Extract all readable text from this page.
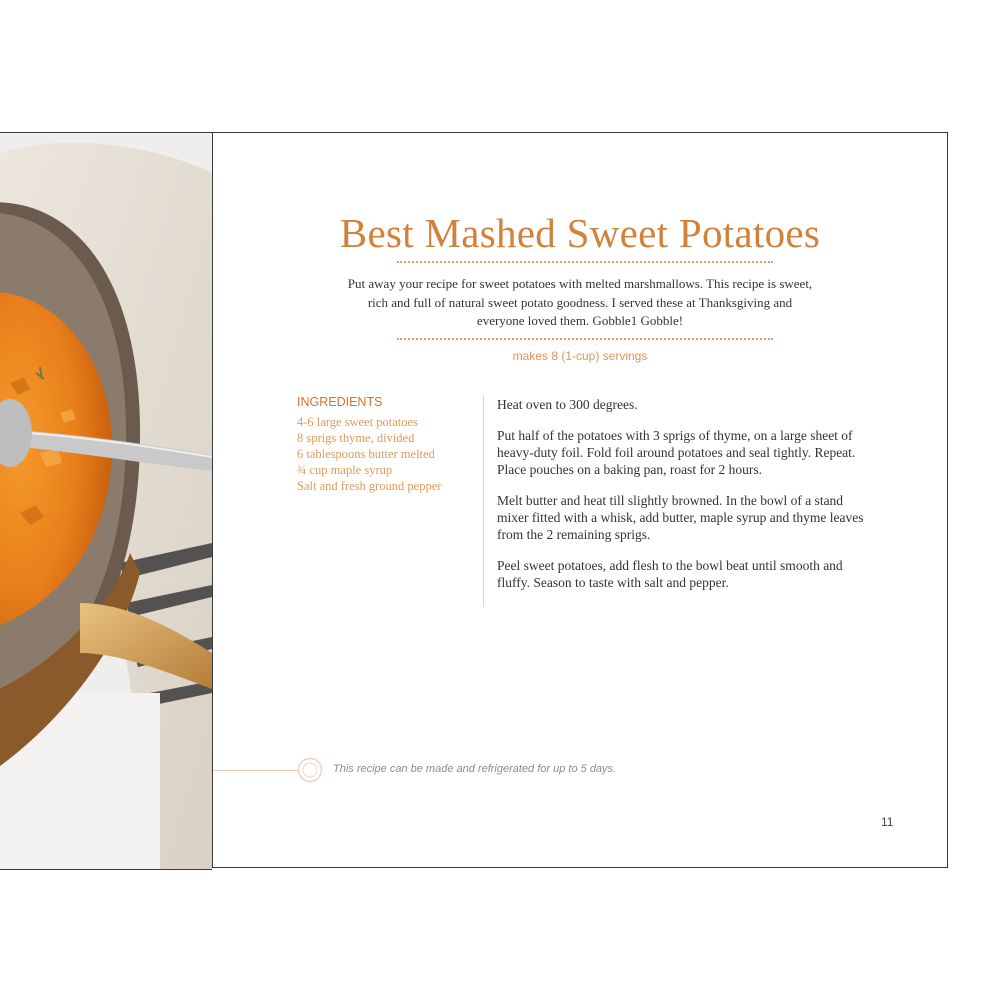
Best Mashed Sweet Potatoes

Put away your recipe for sweet potatoes with melted marshmallows. This recipe is sweet,
rich and full of natural sweet potato goodness. I served these at Thanksgiving and
everyone loved them. Gobble1 Gobble!

makes 8 (1-cup) servings
INGREDIENTS
4-6 large sweet potatoes
8 sprigs thyme, divided
6 tablespoons butter melted
¾ cup maple syrup
Salt and fresh ground pepper

Heat oven to 300 degrees.

Put half of the potatoes with 3 sprigs of thyme, on a large sheet of heavy-duty foil. Fold foil around potatoes and seal tightly. Repeat. Place pouches on a baking pan, roast for 2 hours.

Melt butter and heat till slightly browned. In the bowl of a stand mixer fitted with a whisk, add butter, maple syrup and thyme leaves from the 2 remaining sprigs.

Peel sweet potatoes, add flesh to the bowl beat until smooth and fluffy. Season to taste with salt and pepper.

This recipe can be made and refrigerated for up to 5 days.
11
